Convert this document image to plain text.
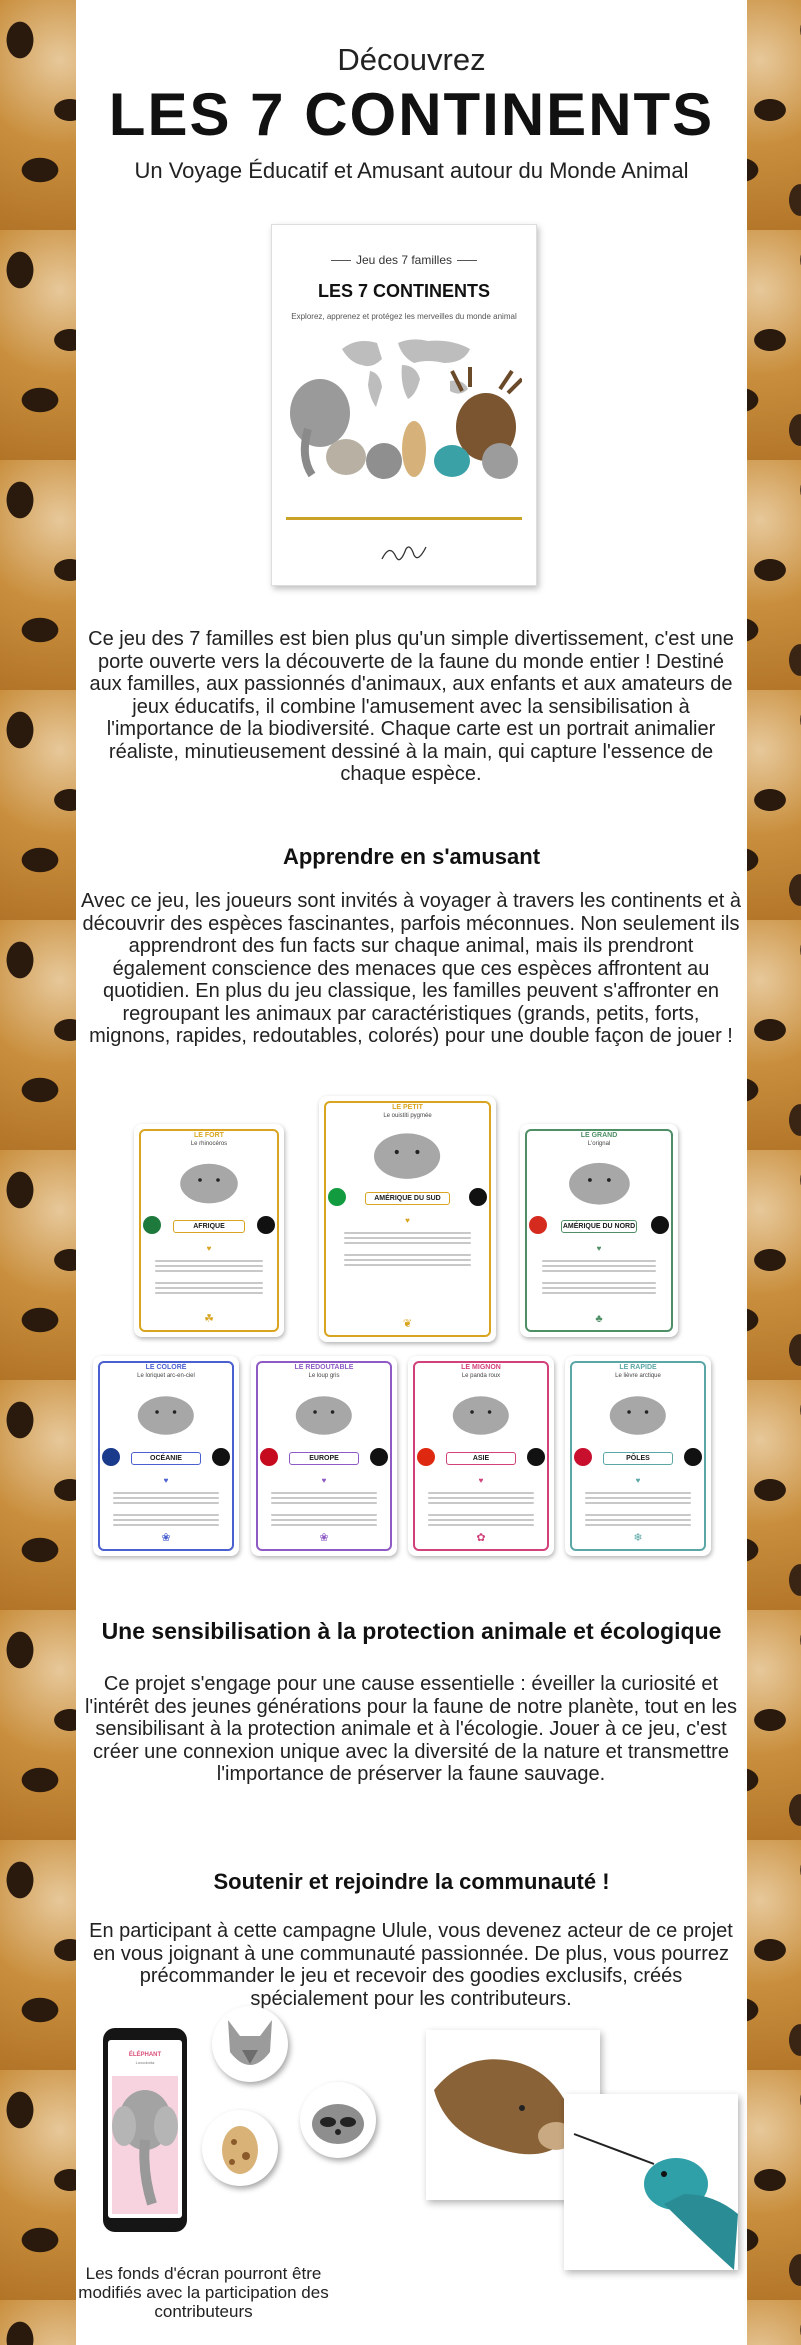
Découvrez
LES 7 CONTINENTS
Un Voyage Éducatif et Amusant autour du Monde Animal
Jeu des 7 familles
LES 7 CONTINENTS
Explorez, apprenez et protégez les merveilles du monde animal
Ce jeu des 7 familles est bien plus qu'un simple divertissement, c'est une porte ouverte vers la découverte de la faune du monde entier ! Destiné aux familles, aux passionnés d'animaux, aux enfants et aux amateurs de jeux éducatifs, il combine l'amusement avec la sensibilisation à l'importance de la biodiversité. Chaque carte est un portrait animalier réaliste, minutieusement dessiné à la main, qui capture l'essence de chaque espèce.
Apprendre en s'amusant
Avec ce jeu, les joueurs sont invités à voyager à travers les continents et à découvrir des espèces fascinantes, parfois méconnues. Non seulement ils apprendront des fun facts sur chaque animal, mais ils prendront également conscience des menaces que ces espèces affrontent au quotidien. En plus du jeu classique, les familles peuvent s'affronter en regroupant les animaux par caractéristiques (grands, petits, forts, mignons, rapides, redoutables, colorés) pour une double façon de jouer !
LE FORT
Le rhinocéros
AFRIQUE
♥
☘
LE PETIT
Le ouistiti pygmée
AMÉRIQUE DU SUD
♥
❦
LE GRAND
L'orignal
AMÉRIQUE DU NORD
♥
♣
LE COLORÉ
Le loriquet arc-en-ciel
OCÉANIE
♥
❀
LE REDOUTABLE
Le loup gris
EUROPE
♥
❀
LE MIGNON
Le panda roux
ASIE
♥
✿
LE RAPIDE
Le lièvre arctique
PÔLES
♥
❄
Une sensibilisation à la protection animale et écologique
Ce projet s'engage pour une cause essentielle : éveiller la curiosité et l'intérêt des jeunes générations pour la faune de notre planète, tout en les sensibilisant à la protection animale et à l'écologie. Jouer à ce jeu, c'est créer une connexion unique avec la diversité de la nature et transmettre l'importance de préserver la faune sauvage.
Soutenir et rejoindre la communauté !
En participant à cette campagne Ulule, vous devenez acteur de ce projet en vous joignant à une communauté passionnée. De plus, vous pourrez précommander le jeu et recevoir des goodies exclusifs, créés spécialement pour les contributeurs.
ÉLÉPHANT
Loxodonta
Les fonds d'écran pourront être modifiés avec la participation des contributeurs
